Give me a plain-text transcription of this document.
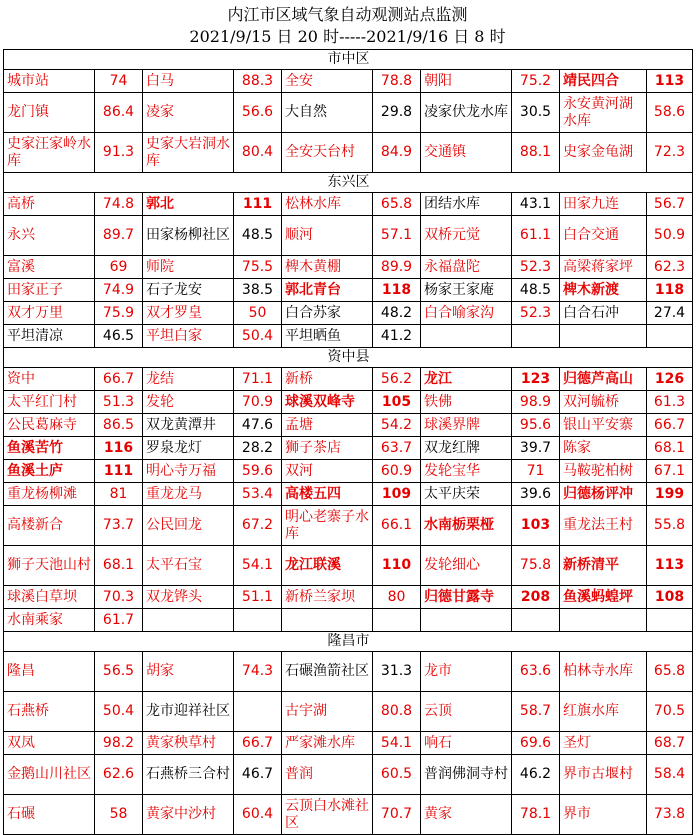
内江市区域气象自动观测站点监测
2021/9/15 日 20 时-----2021/9/16 日 8 时
市中区									
城市站	74	白马	88.3	全安	78.8	朝阳	75.2	靖民四合	113
龙门镇	86.4	凌家	56.6	大自然	29.8	凌家伏龙水库	30.5	永安黄河湖水库	58.6
史家汪家岭水库	91.3	史家大岩洞水库	80.4	全安天台村	84.9	交通镇	88.1	史家金龟湖	72.3
东兴区									
高桥	74.8	郭北	111	松林水库	65.8	团结水库	43.1	田家九连	56.7
永兴	89.7	田家杨柳社区	48.5	顺河	57.1	双桥元觉	61.1	白合交通	50.9
富溪	69	师院	75.5	椑木黄棚	89.9	永福盘陀	52.3	高梁蒋家坪	62.3
田家正子	74.9	石子龙安	38.5	郭北青台	118	杨家王家庵	48.5	椑木新渡	118
双才万里	75.9	双才罗皇	50	白合苏家	48.2	白合喻家沟	52.3	白合石冲	27.4
平坦清凉	46.5	平坦白家	50.4	平坦晒鱼	41.2				
资中县									
资中	66.7	龙结	71.1	新桥	56.2	龙江	123	归德芦高山	126
太平红门村	51.3	发轮	70.9	球溪双峰寺	105	铁佛	98.9	双河毓桥	61.3
公民葛麻寺	86.5	双龙黄潭井	47.6	孟塘	54.2	球溪界牌	95.6	银山平安寨	66.7
鱼溪苦竹	116	罗泉龙灯	28.2	狮子茶店	63.7	双龙红牌	39.7	陈家	68.1
鱼溪土庐	111	明心寺万福	59.6	双河	60.9	发轮宝华	71	马鞍驼柏树	67.1
重龙杨柳滩	81	重龙龙马	53.4	高楼五四	109	太平庆荣	39.6	归德杨评冲	199
高楼新合	73.7	公民回龙	67.2	明心老寨子水库	66.1	水南栃栗桠	103	重龙法王村	55.8
狮子天池山村	68.1	太平石宝	54.1	龙江联溪	110	发轮细心	75.8	新桥清平	113
球溪白草坝	70.3	双龙铧头	51.1	新桥兰家坝	80	归德甘露寺	208	鱼溪蚂蝗坪	108
水南乘家	61.7								
隆昌市									
隆昌	56.5	胡家	74.3	石碾渔箭社区	31.3	龙市	63.6	柏林寺水库	65.8
石燕桥	50.4	龙市迎祥社区		古宇湖	80.8	云顶	58.7	红旗水库	70.5
双凤	98.2	黄家秧草村	66.7	严家滩水库	54.1	响石	69.6	圣灯	68.7
金鹅山川社区	62.6	石燕桥三合村	46.7	普润	60.5	普润佛洞寺村	46.2	界市古堰村	58.4
石碾	58	黄家中沙村	60.4	云顶白水滩社区	70.7	黄家	78.1	界市	73.8
